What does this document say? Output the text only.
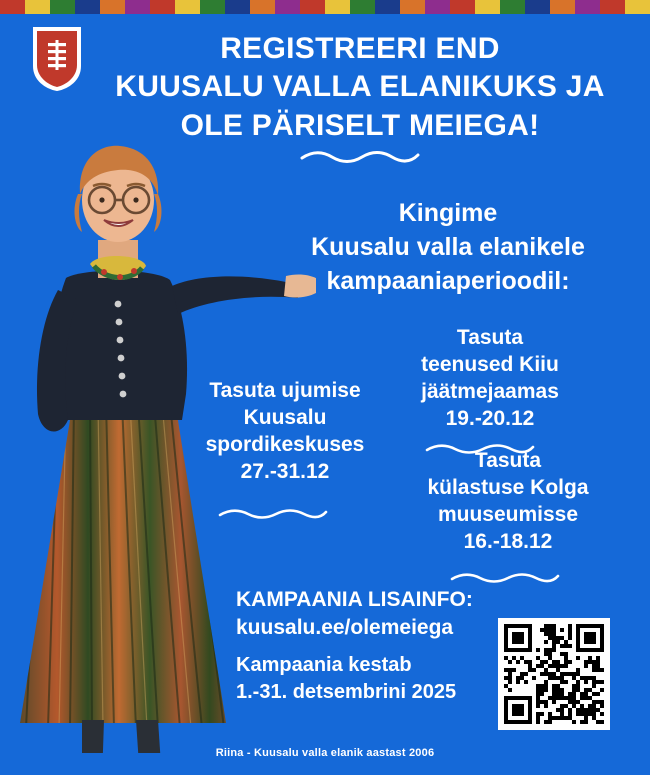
REGISTREERI END
KUUSALU VALLA ELANIKUKS JA
OLE PÄRISELT MEIEGA!
Kingime
Kuusalu valla elanikele
kampaaniaperioodil:
Tasuta ujumise
Kuusalu
spordikeskuses
27.-31.12
Tasuta
teenused Kiiu
jäätmejaamas
19.-20.12
Tasuta
külastuse Kolga
muuseumisse
16.-18.12
KAMPAANIA LISAINFO:
kuusalu.ee/olemeiega
Kampaania kestab
1.-31. detsembrini 2025
Riina - Kuusalu valla elanik aastast 2006
